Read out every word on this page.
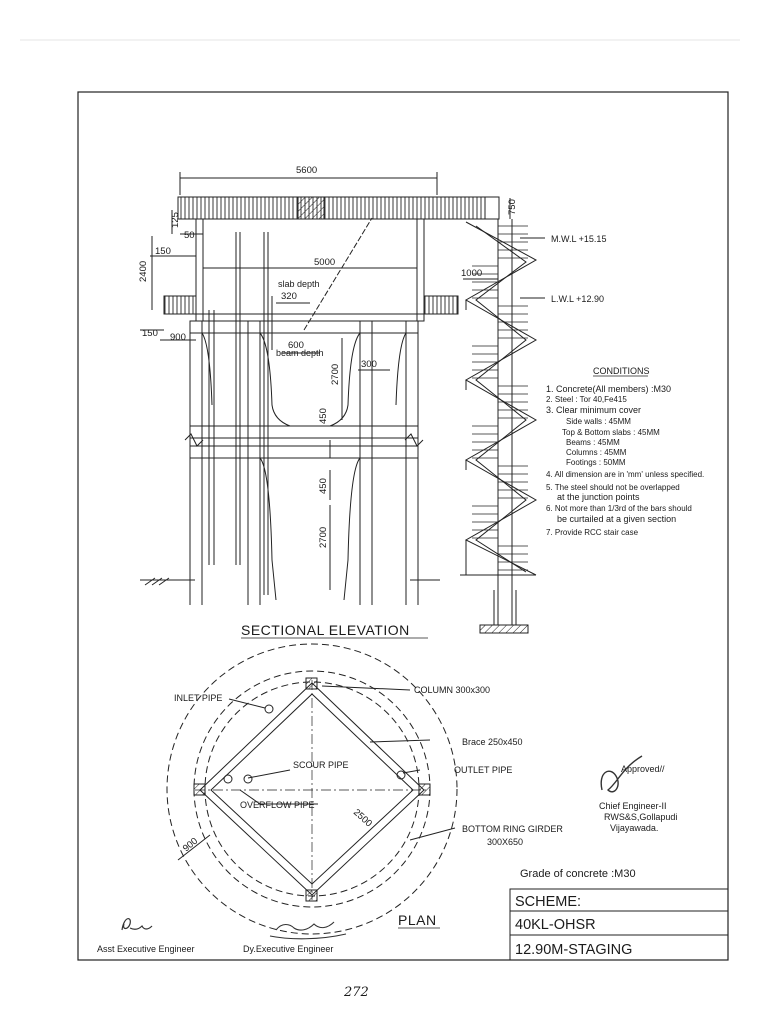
5600
125
750
50
150
2400	5000
1000
slab depth
320
150 900
600
beam depth
2700 300
450
450
2700
M.W.L +15.15
L.W.L +12.90
SECTIONAL ELEVATION
CONDITIONS
1. Concrete(All members) :M30
2. Steel : Tor 40,Fe415
3. Clear minimum cover
Side walls : 45MM
Top & Bottom slabs : 45MM
Beams : 45MM
Columns : 45MM
Footings : 50MM
4. All dimension are in 'mm' unless specified.
5. The steel should not be overlapped
at the junction points
6. Not more than 1/3rd of the bars should
be curtailed at a given section
7. Provide RCC stair case
INLET PIPE
COLUMN 300x300
Brace 250x450
SCOUR PIPE	OUTLET PIPE
OVERFLOW PIPE
2500
900
BOTTOM RING GIRDER
300X650
PLAN
Approved//
Chief Engineer-II
RWS&S,Gollapudi
Vijayawada.
Grade of concrete :M30
SCHEME:
40KL-OHSR
12.90M-STAGING
Asst Executive Engineer	Dy.Executive Engineer
272
